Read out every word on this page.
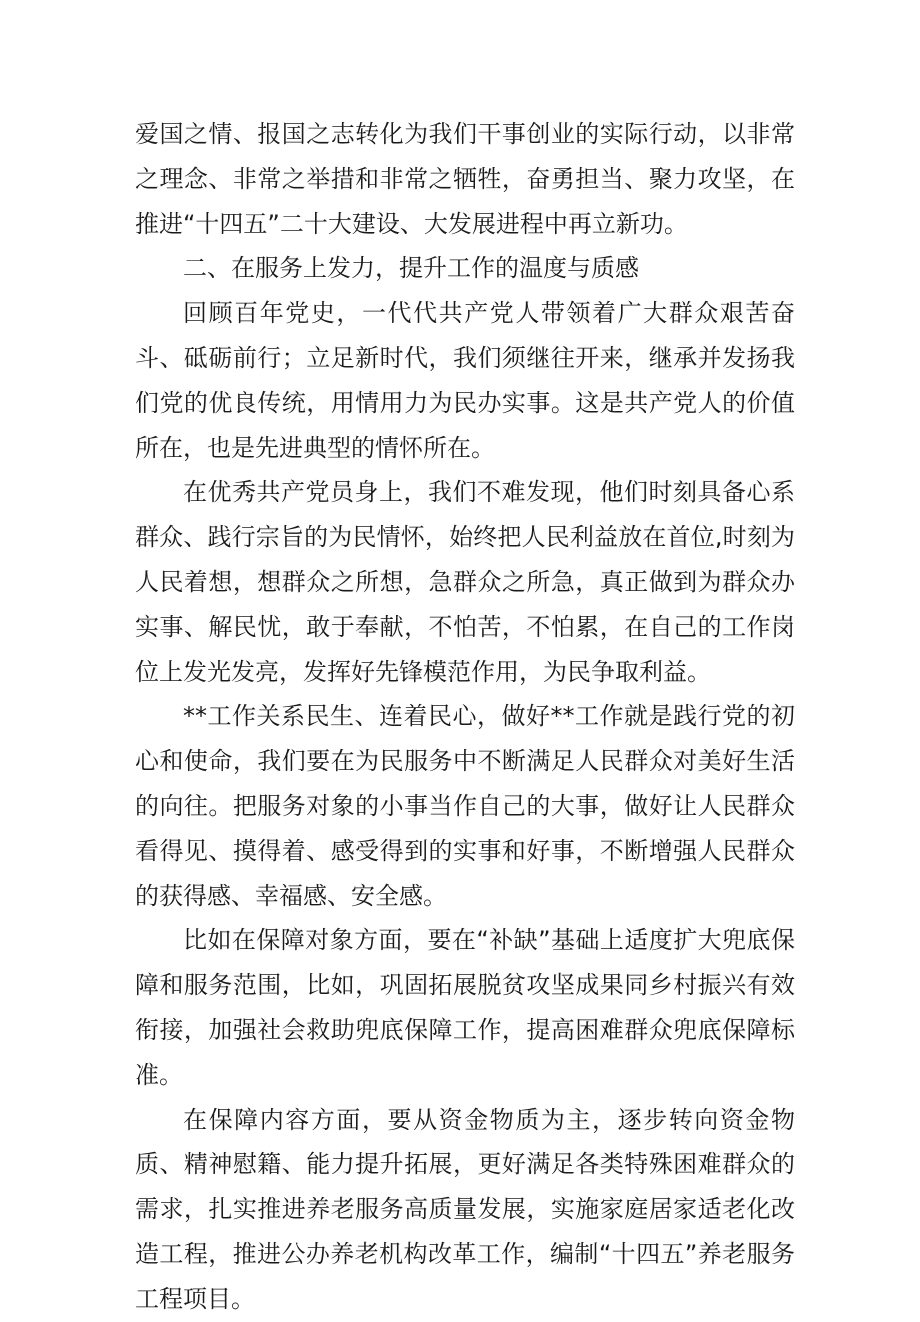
爱国之情、报国之志转化为我们干事创业的实际行动，以非常之理念、非常之举措和非常之牺牲，奋勇担当、聚力攻坚，在推进“十四五”二十大建设、大发展进程中再立新功。

二、在服务上发力，提升工作的温度与质感

回顾百年党史，一代代共产党人带领着广大群众艰苦奋斗、砥砺前行；立足新时代，我们须继往开来，继承并发扬我们党的优良传统，用情用力为民办实事。这是共产党人的价值所在，也是先进典型的情怀所在。

在优秀共产党员身上，我们不难发现，他们时刻具备心系群众、践行宗旨的为民情怀，始终把人民利益放在首位,时刻为人民着想，想群众之所想，急群众之所急，真正做到为群众办实事、解民忧，敢于奉献，不怕苦，不怕累，在自己的工作岗位上发光发亮，发挥好先锋模范作用，为民争取利益。

**工作关系民生、连着民心，做好**工作就是践行党的初心和使命，我们要在为民服务中不断满足人民群众对美好生活的向往。把服务对象的小事当作自己的大事，做好让人民群众看得见、摸得着、感受得到的实事和好事，不断增强人民群众的获得感、幸福感、安全感。

比如在保障对象方面，要在“补缺”基础上适度扩大兜底保障和服务范围，比如，巩固拓展脱贫攻坚成果同乡村振兴有效衔接，加强社会救助兜底保障工作，提高困难群众兜底保障标准。

在保障内容方面，要从资金物质为主，逐步转向资金物质、精神慰籍、能力提升拓展，更好满足各类特殊困难群众的需求，扎实推进养老服务高质量发展，实施家庭居家适老化改造工程，推进公办养老机构改革工作，编制“十四五”养老服务工程项目。
